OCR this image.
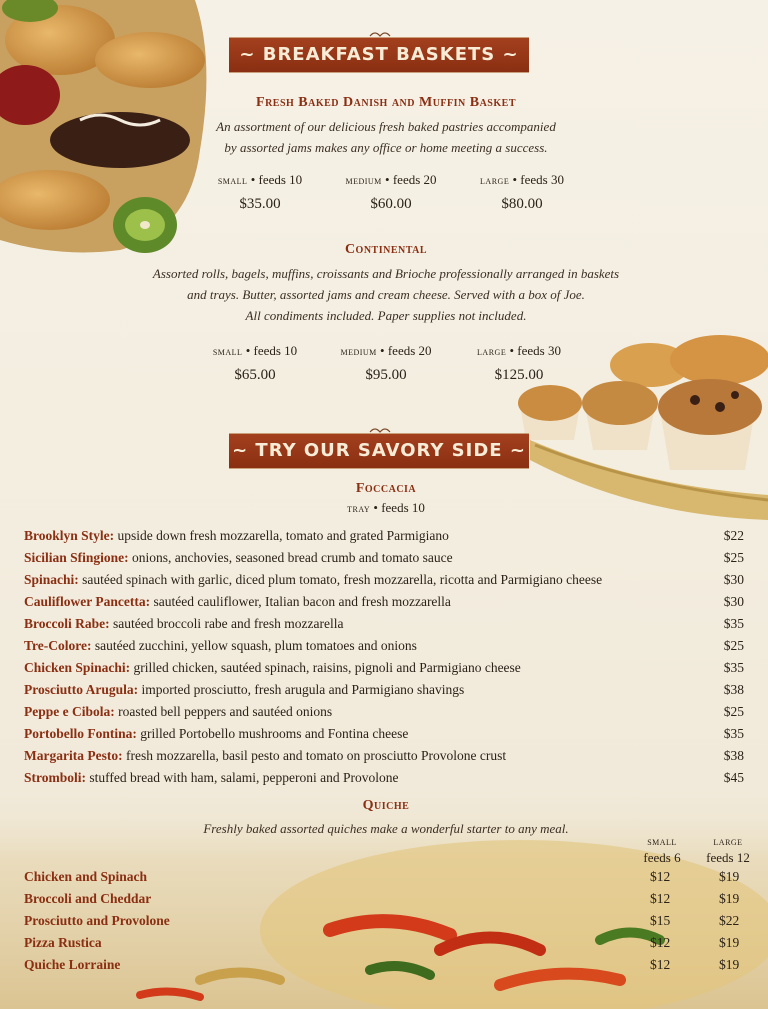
~ BREAKFAST BASKETS ~
Fresh Baked Danish and Muffin Basket
An assortment of our delicious fresh baked pastries accompanied
by assorted jams makes any office or home meeting a success.
small • feeds 10
$35.00
medium • feeds 20
$60.00
large • feeds 30
$80.00
Continental
Assorted rolls, bagels, muffins, croissants and Brioche professionally arranged in baskets
and trays. Butter, assorted jams and cream cheese. Served with a box of Joe.
All condiments included. Paper supplies not included.
small • feeds 10
$65.00
medium • feeds 20
$95.00
large • feeds 30
$125.00
~ TRY OUR SAVORY SIDE ~
Foccacia
tray • feeds 10
Brooklyn Style: upside down fresh mozzarella, tomato and grated Parmigiano	$22
Sicilian Sfingione: onions, anchovies, seasoned bread crumb and tomato sauce	$25
Spinachi: sautéed spinach with garlic, diced plum tomato, fresh mozzarella, ricotta and Parmigiano cheese	$30
Cauliflower Pancetta: sautéed cauliflower, Italian bacon and fresh mozzarella	$30
Broccoli Rabe: sautéed broccoli rabe and fresh mozzarella	$35
Tre-Colore: sautéed zucchini, yellow squash, plum tomatoes and onions	$25
Chicken Spinachi: grilled chicken, sautéed spinach, raisins, pignoli and Parmigiano cheese	$35
Prosciutto Arugula: imported prosciutto, fresh arugula and Parmigiano shavings	$38
Peppe e Cibola: roasted bell peppers and sautéed onions	$25
Portobello Fontina: grilled Portobello mushrooms and Fontina cheese	$35
Margarita Pesto: fresh mozzarella, basil pesto and tomato on prosciutto Provolone crust	$38
Stromboli: stuffed bread with ham, salami, pepperoni and Provolone	$45
Quiche
Freshly baked assorted quiches make a wonderful starter to any meal.
small
feeds 6
large
feeds 12
Chicken and Spinach	$12	$19
Broccoli and Cheddar	$12	$19
Prosciutto and Provolone	$15	$22
Pizza Rustica	$12	$19
Quiche Lorraine	$12	$19
